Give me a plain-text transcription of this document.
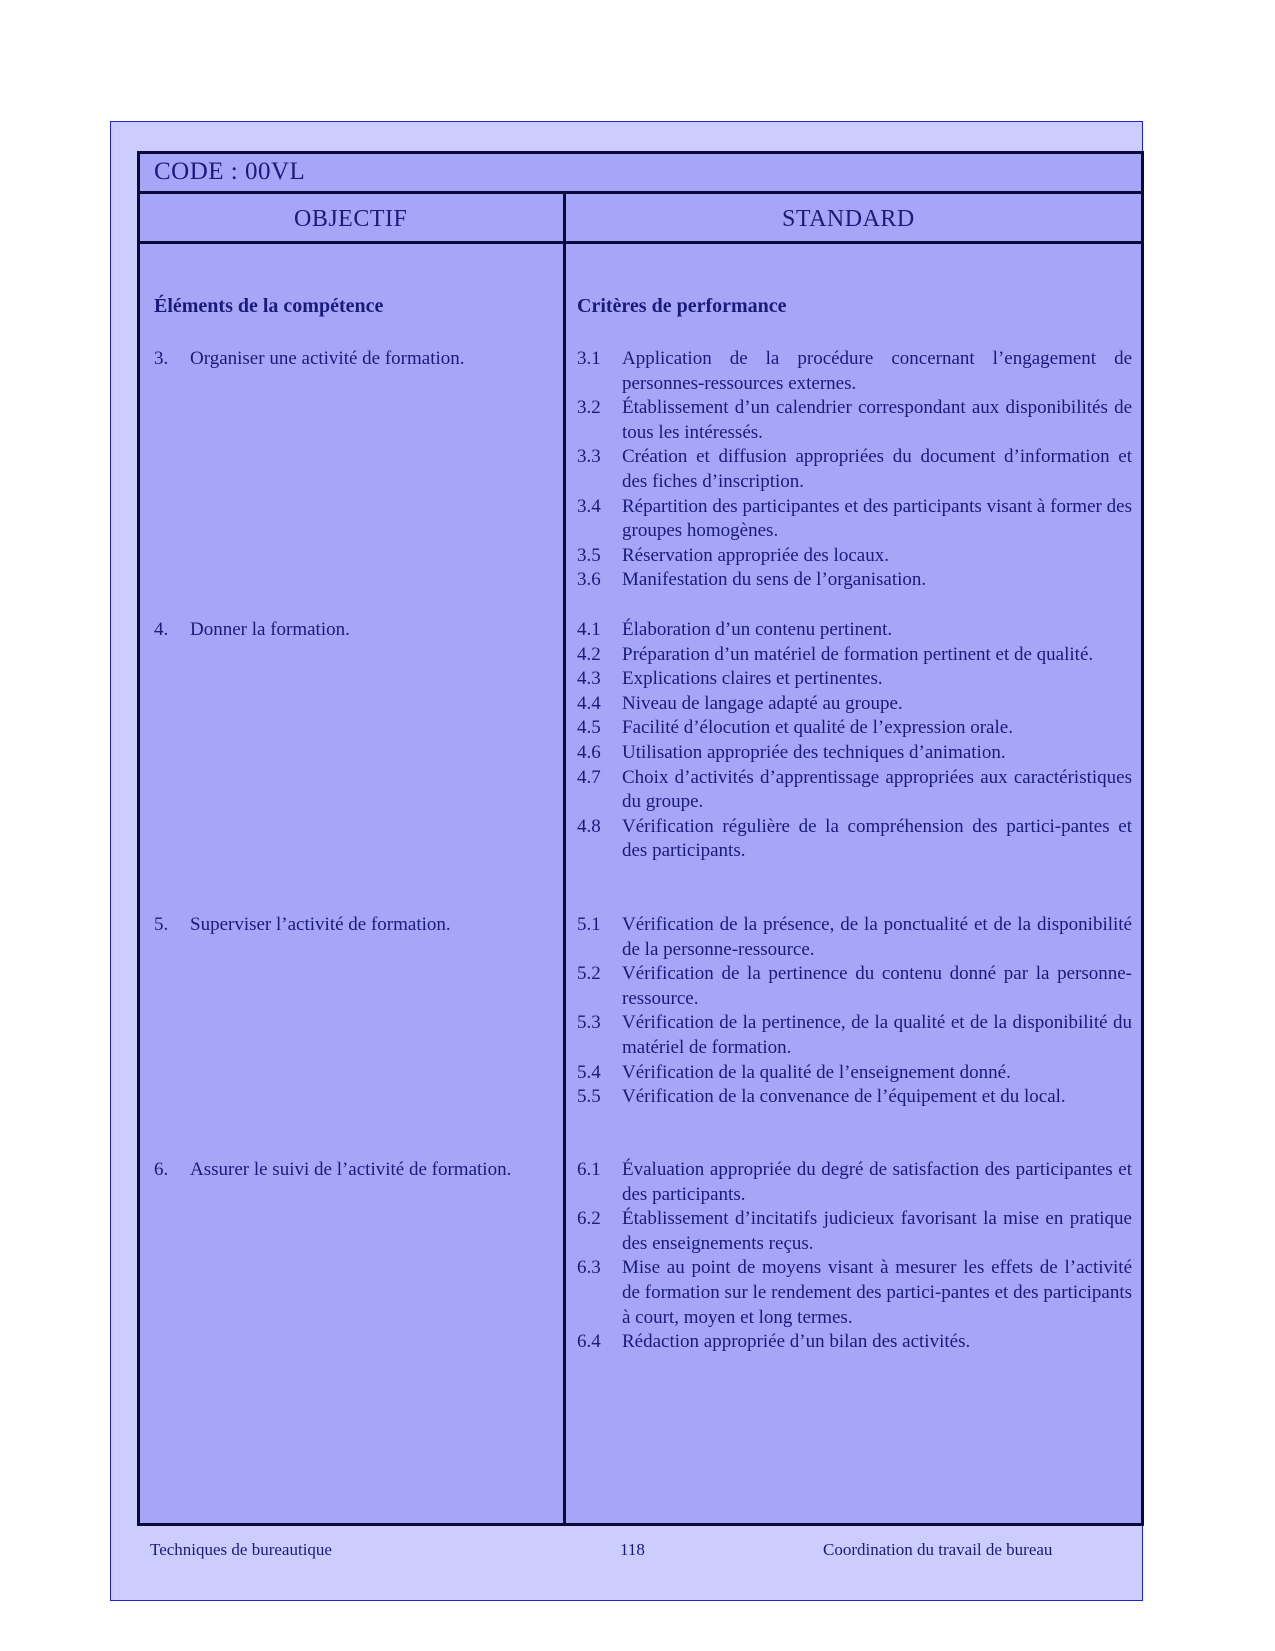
CODE : 00VL
OBJECTIF	STANDARD
Éléments de la compétence	Critères de performance
3.	Organiser une activité de formation.	3.1	Application de la procédure concernant l’engagement de personnes-ressources externes.
3.2	Établissement d’un calendrier correspondant aux disponibilités de tous les intéressés.
3.3	Création et diffusion appropriées du document d’information et des fiches d’inscription.
3.4	Répartition des participantes et des participants visant à former des groupes homogènes.
3.5	Réservation appropriée des locaux.
3.6	Manifestation du sens de l’organisation.
4.	Donner la formation.	4.1	Élaboration d’un contenu pertinent.
4.2	Préparation d’un matériel de formation pertinent et de qualité.
4.3	Explications claires et pertinentes.
4.4	Niveau de langage adapté au groupe.
4.5	Facilité d’élocution et qualité de l’expression orale.
4.6	Utilisation appropriée des techniques d’animation.
4.7	Choix d’activités d’apprentissage appropriées aux caractéristiques du groupe.
4.8	Vérification régulière de la compréhension des partici-pantes et des participants.
5.	Superviser l’activité de formation.	5.1	Vérification de la présence, de la ponctualité et de la disponibilité de la personne-ressource.
5.2	Vérification de la pertinence du contenu donné par la personne-ressource.
5.3	Vérification de la pertinence, de la qualité et de la disponibilité du matériel de formation.
5.4	Vérification de la qualité de l’enseignement donné.
5.5	Vérification de la convenance de l’équipement et du local.
6.	Assurer le suivi de l’activité de formation.	6.1	Évaluation appropriée du degré de satisfaction des participantes et des participants.
6.2	Établissement d’incitatifs judicieux favorisant la mise en pratique des enseignements reçus.
6.3	Mise au point de moyens visant à mesurer les effets de l’activité de formation sur le rendement des partici-pantes et des participants à court, moyen et long termes.
6.4	Rédaction appropriée d’un bilan des activités.
Techniques de bureautique	118	Coordination du travail de bureau
